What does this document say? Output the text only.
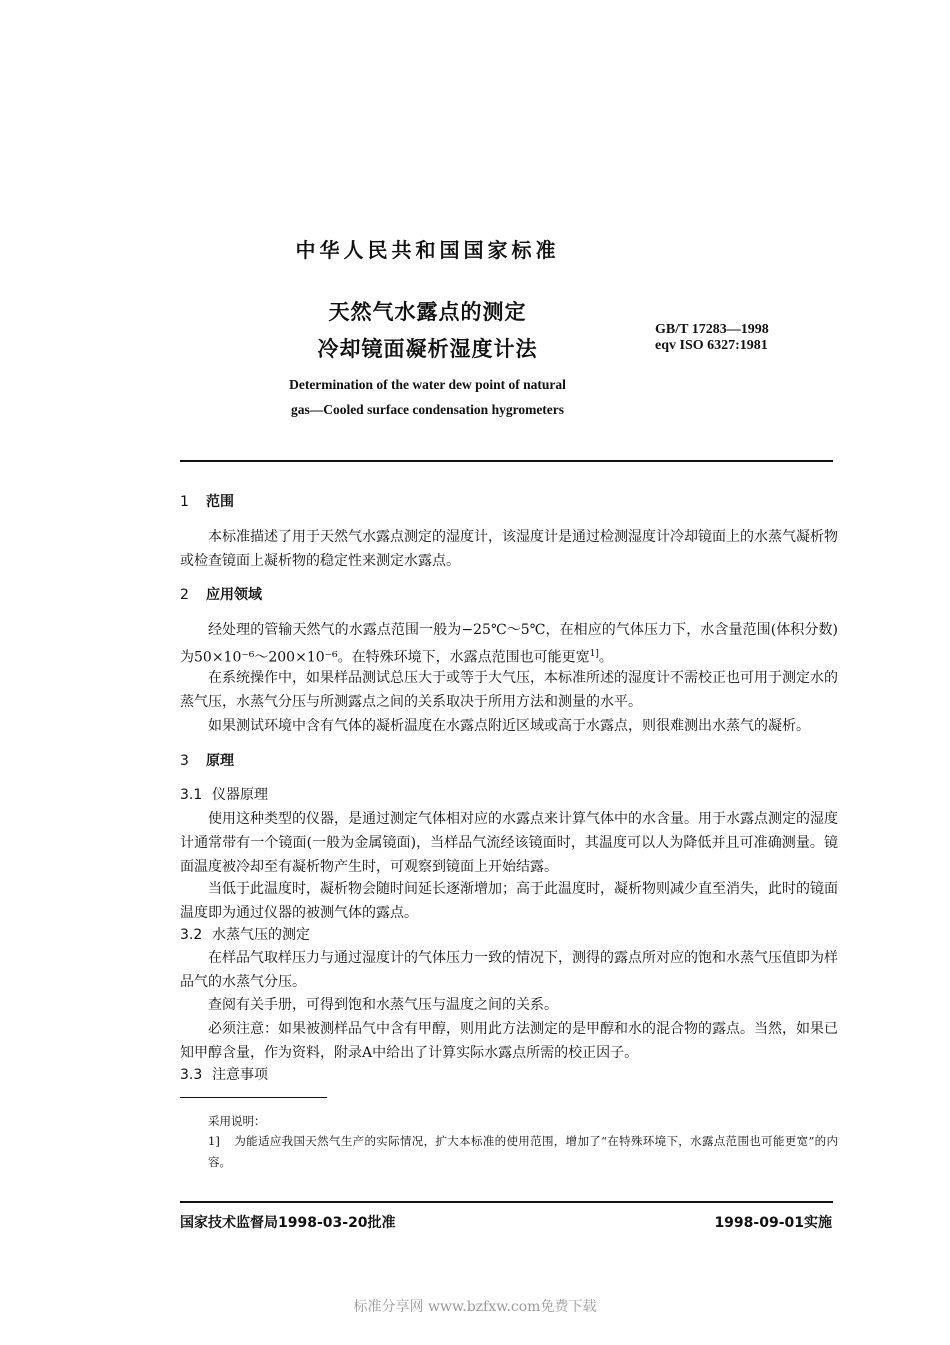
中华人民共和国国家标准
天然气水露点的测定
冷却镜面凝析湿度计法
GB/T 17283—1998
eqv ISO 6327:1981
Determination of the water dew point of natural
gas—Cooled surface condensation hygrometers
1 范围
本标准描述了用于天然气水露点测定的湿度计，该湿度计是通过检测湿度计冷却镜面上的水蒸气凝析物或检查镜面上凝析物的稳定性来测定水露点。
2 应用领域
经处理的管输天然气的水露点范围一般为−25℃～5℃，在相应的气体压力下，水含量范围(体积分数)为50×10⁻⁶～200×10⁻⁶。在特殊环境下，水露点范围也可能更宽$^{1]}$。
在系统操作中，如果样品测试总压大于或等于大气压，本标准所述的湿度计不需校正也可用于测定水的蒸气压，水蒸气分压与所测露点之间的关系取决于所用方法和测量的水平。
如果测试环境中含有气体的凝析温度在水露点附近区域或高于水露点，则很难测出水蒸气的凝析。
3 原理
3.1 仪器原理
使用这种类型的仪器，是通过测定气体相对应的水露点来计算气体中的水含量。用于水露点测定的湿度计通常带有一个镜面(一般为金属镜面)，当样品气流经该镜面时，其温度可以人为降低并且可准确测量。镜面温度被冷却至有凝析物产生时，可观察到镜面上开始结露。
当低于此温度时，凝析物会随时间延长逐渐增加；高于此温度时，凝析物则减少直至消失，此时的镜面温度即为通过仪器的被测气体的露点。
3.2 水蒸气压的测定
在样品气取样压力与通过湿度计的气体压力一致的情况下，测得的露点所对应的饱和水蒸气压值即为样品气的水蒸气分压。
查阅有关手册，可得到饱和水蒸气压与温度之间的关系。
必须注意：如果被测样品气中含有甲醇，则用此方法测定的是甲醇和水的混合物的露点。当然，如果已知甲醇含量，作为资料，附录A中给出了计算实际水露点所需的校正因子。
3.3 注意事项
采用说明：
1] 为能适应我国天然气生产的实际情况，扩大本标准的使用范围，增加了“在特殊环境下，水露点范围也可能更宽”的内容。
国家技术监督局1998-03-20批准	1998-09-01实施
标准分享网 www.bzfxw.com免费下载
